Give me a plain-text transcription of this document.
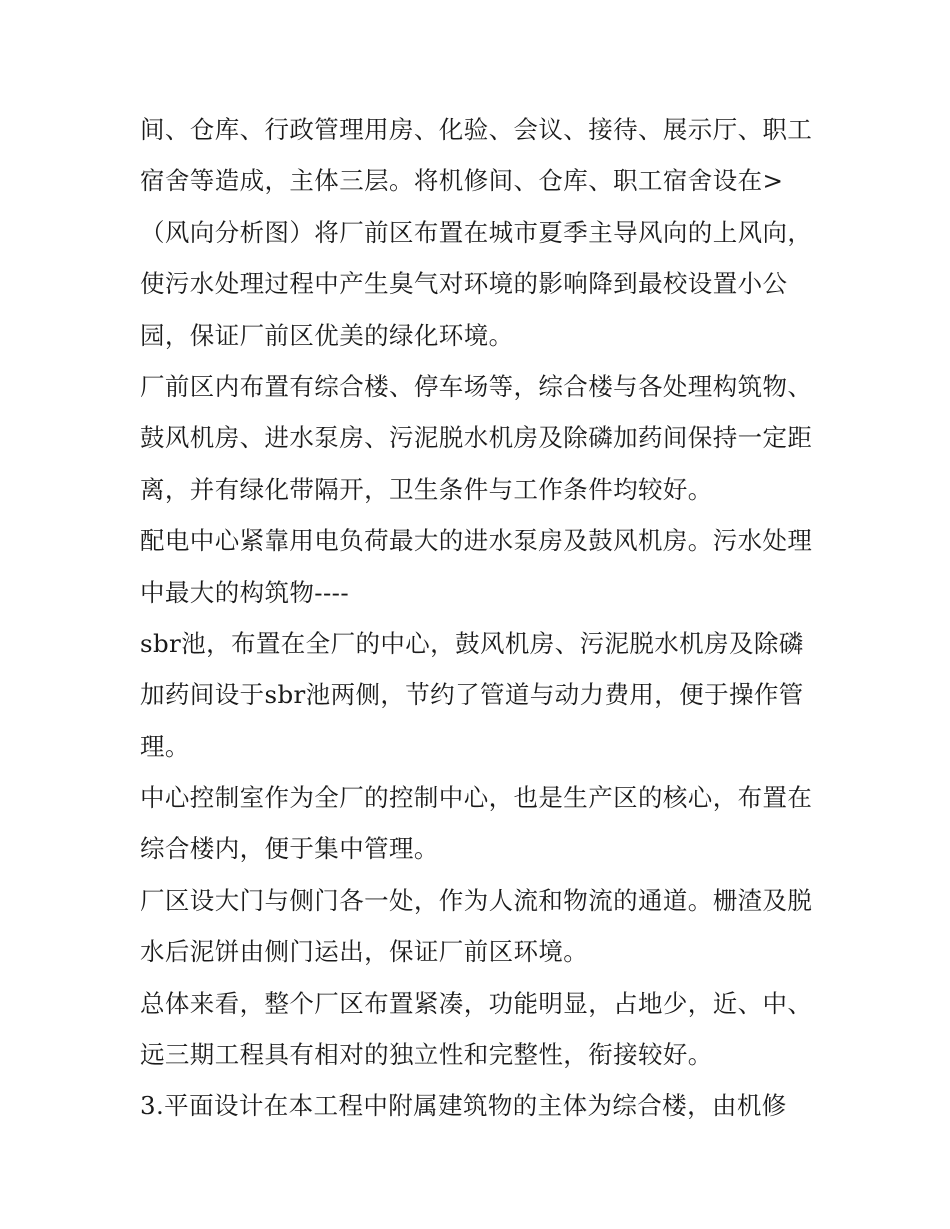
间、仓库、行政管理用房、化验、会议、接待、展示厅、职工
宿舍等造成，主体三层。将机修间、仓库、职工宿舍设在>
（风向分析图）将厂前区布置在城市夏季主导风向的上风向，
使污水处理过程中产生臭气对环境的影响降到最校设置小公
园，保证厂前区优美的绿化环境。
厂前区内布置有综合楼、停车场等，综合楼与各处理构筑物、
鼓风机房、进水泵房、污泥脱水机房及除磷加药间保持一定距
离，并有绿化带隔开，卫生条件与工作条件均较好。
配电中心紧靠用电负荷最大的进水泵房及鼓风机房。污水处理
中最大的构筑物----
sbr池，布置在全厂的中心，鼓风机房、污泥脱水机房及除磷
加药间设于sbr池两侧，节约了管道与动力费用，便于操作管
理。
中心控制室作为全厂的控制中心，也是生产区的核心，布置在
综合楼内，便于集中管理。
厂区设大门与侧门各一处，作为人流和物流的通道。栅渣及脱
水后泥饼由侧门运出，保证厂前区环境。
总体来看，整个厂区布置紧凑，功能明显，占地少，近、中、
远三期工程具有相对的独立性和完整性，衔接较好。
3.平面设计在本工程中附属建筑物的主体为综合楼，由机修
